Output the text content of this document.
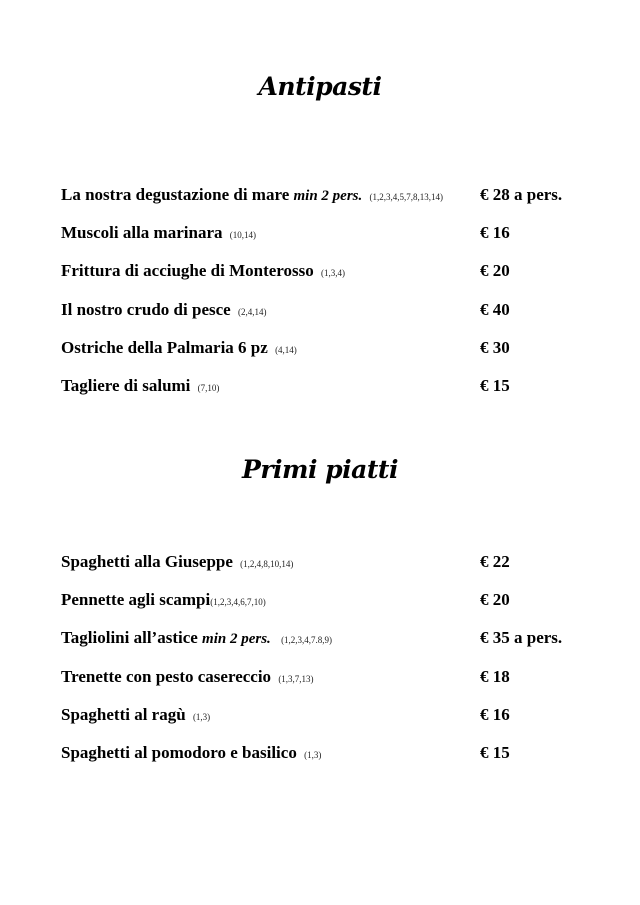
Antipasti
La nostra degustazione di mare min 2 pers. (1,2,3,4,5,7,8,13,14) € 28 a pers.
Muscoli alla marinara (10,14)	€ 16
Frittura di acciughe di Monterosso (1,3,4)	€ 20
Il nostro crudo di pesce (2,4,14)	€ 40
Ostriche della Palmaria 6 pz (4,14)	€ 30
Tagliere di salumi (7,10)	€ 15
Primi piatti
Spaghetti alla Giuseppe (1,2,4,8,10,14)	€ 22
Pennette agli scampi(1,2,3,4,6,7,10)	€ 20
Tagliolini all’astice min 2 pers. (1,2,3,4,7.8,9)	€ 35 a pers.
Trenette con pesto casereccio (1,3,7,13)	€ 18
Spaghetti al ragù (1,3)	€ 16
Spaghetti al pomodoro e basilico (1,3)	€ 15
